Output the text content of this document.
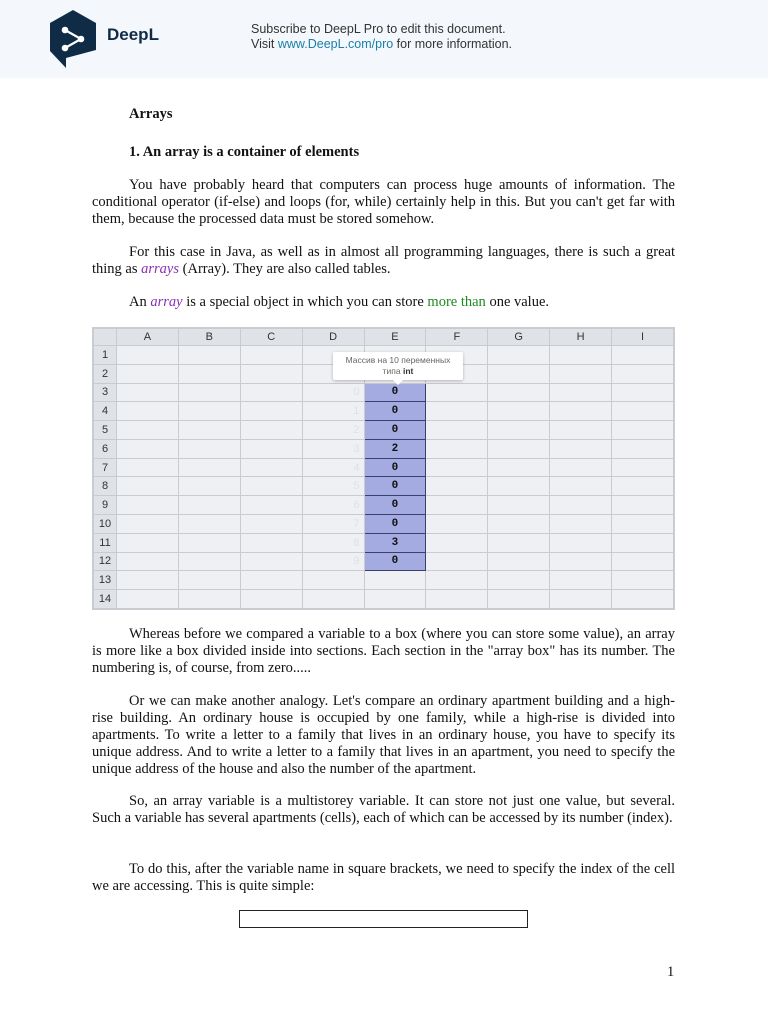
DeepL	Subscribe to DeepL Pro to edit this document.
Visit www.DeepL.com/pro for more information.
Arrays
1. An array is a container of elements
You have probably heard that computers can process huge amounts of information. The conditional operator (if-else) and loops (for, while) certainly help in this. But you can't get far with them, because the processed data must be stored somehow.
For this case in Java, as well as in almost all programming languages, there is such a great thing as arrays (Array). They are also called tables.
An array is a special object in which you can store more than one value.
	A	B	C	D	E	F	G	H	I
1									
2									
3				0	0				
4				1	0				
5				2	0				
6				3	2				
7				4	0				
8				5	0				
9				6	0				
10				7	0				
11				8	3				
12				9	0				
13									
14									
Массив на 10 переменных
типа int
Whereas before we compared a variable to a box (where you can store some value), an array is more like a box divided inside into sections. Each section in the "array box" has its number. The numbering is, of course, from zero.....
Or we can make another analogy. Let's compare an ordinary apartment building and a high-rise building. An ordinary house is occupied by one family, while a high-rise is divided into apartments. To write a letter to a family that lives in an ordinary house, you have to specify its unique address. And to write a letter to a family that lives in an apartment, you need to specify the unique address of the house and also the number of the apartment.
So, an array variable is a multistorey variable. It can store not just one value, but several. Such a variable has several apartments (cells), each of which can be accessed by its number (index).
To do this, after the variable name in square brackets, we need to specify the index of the cell we are accessing. This is quite simple:
1
